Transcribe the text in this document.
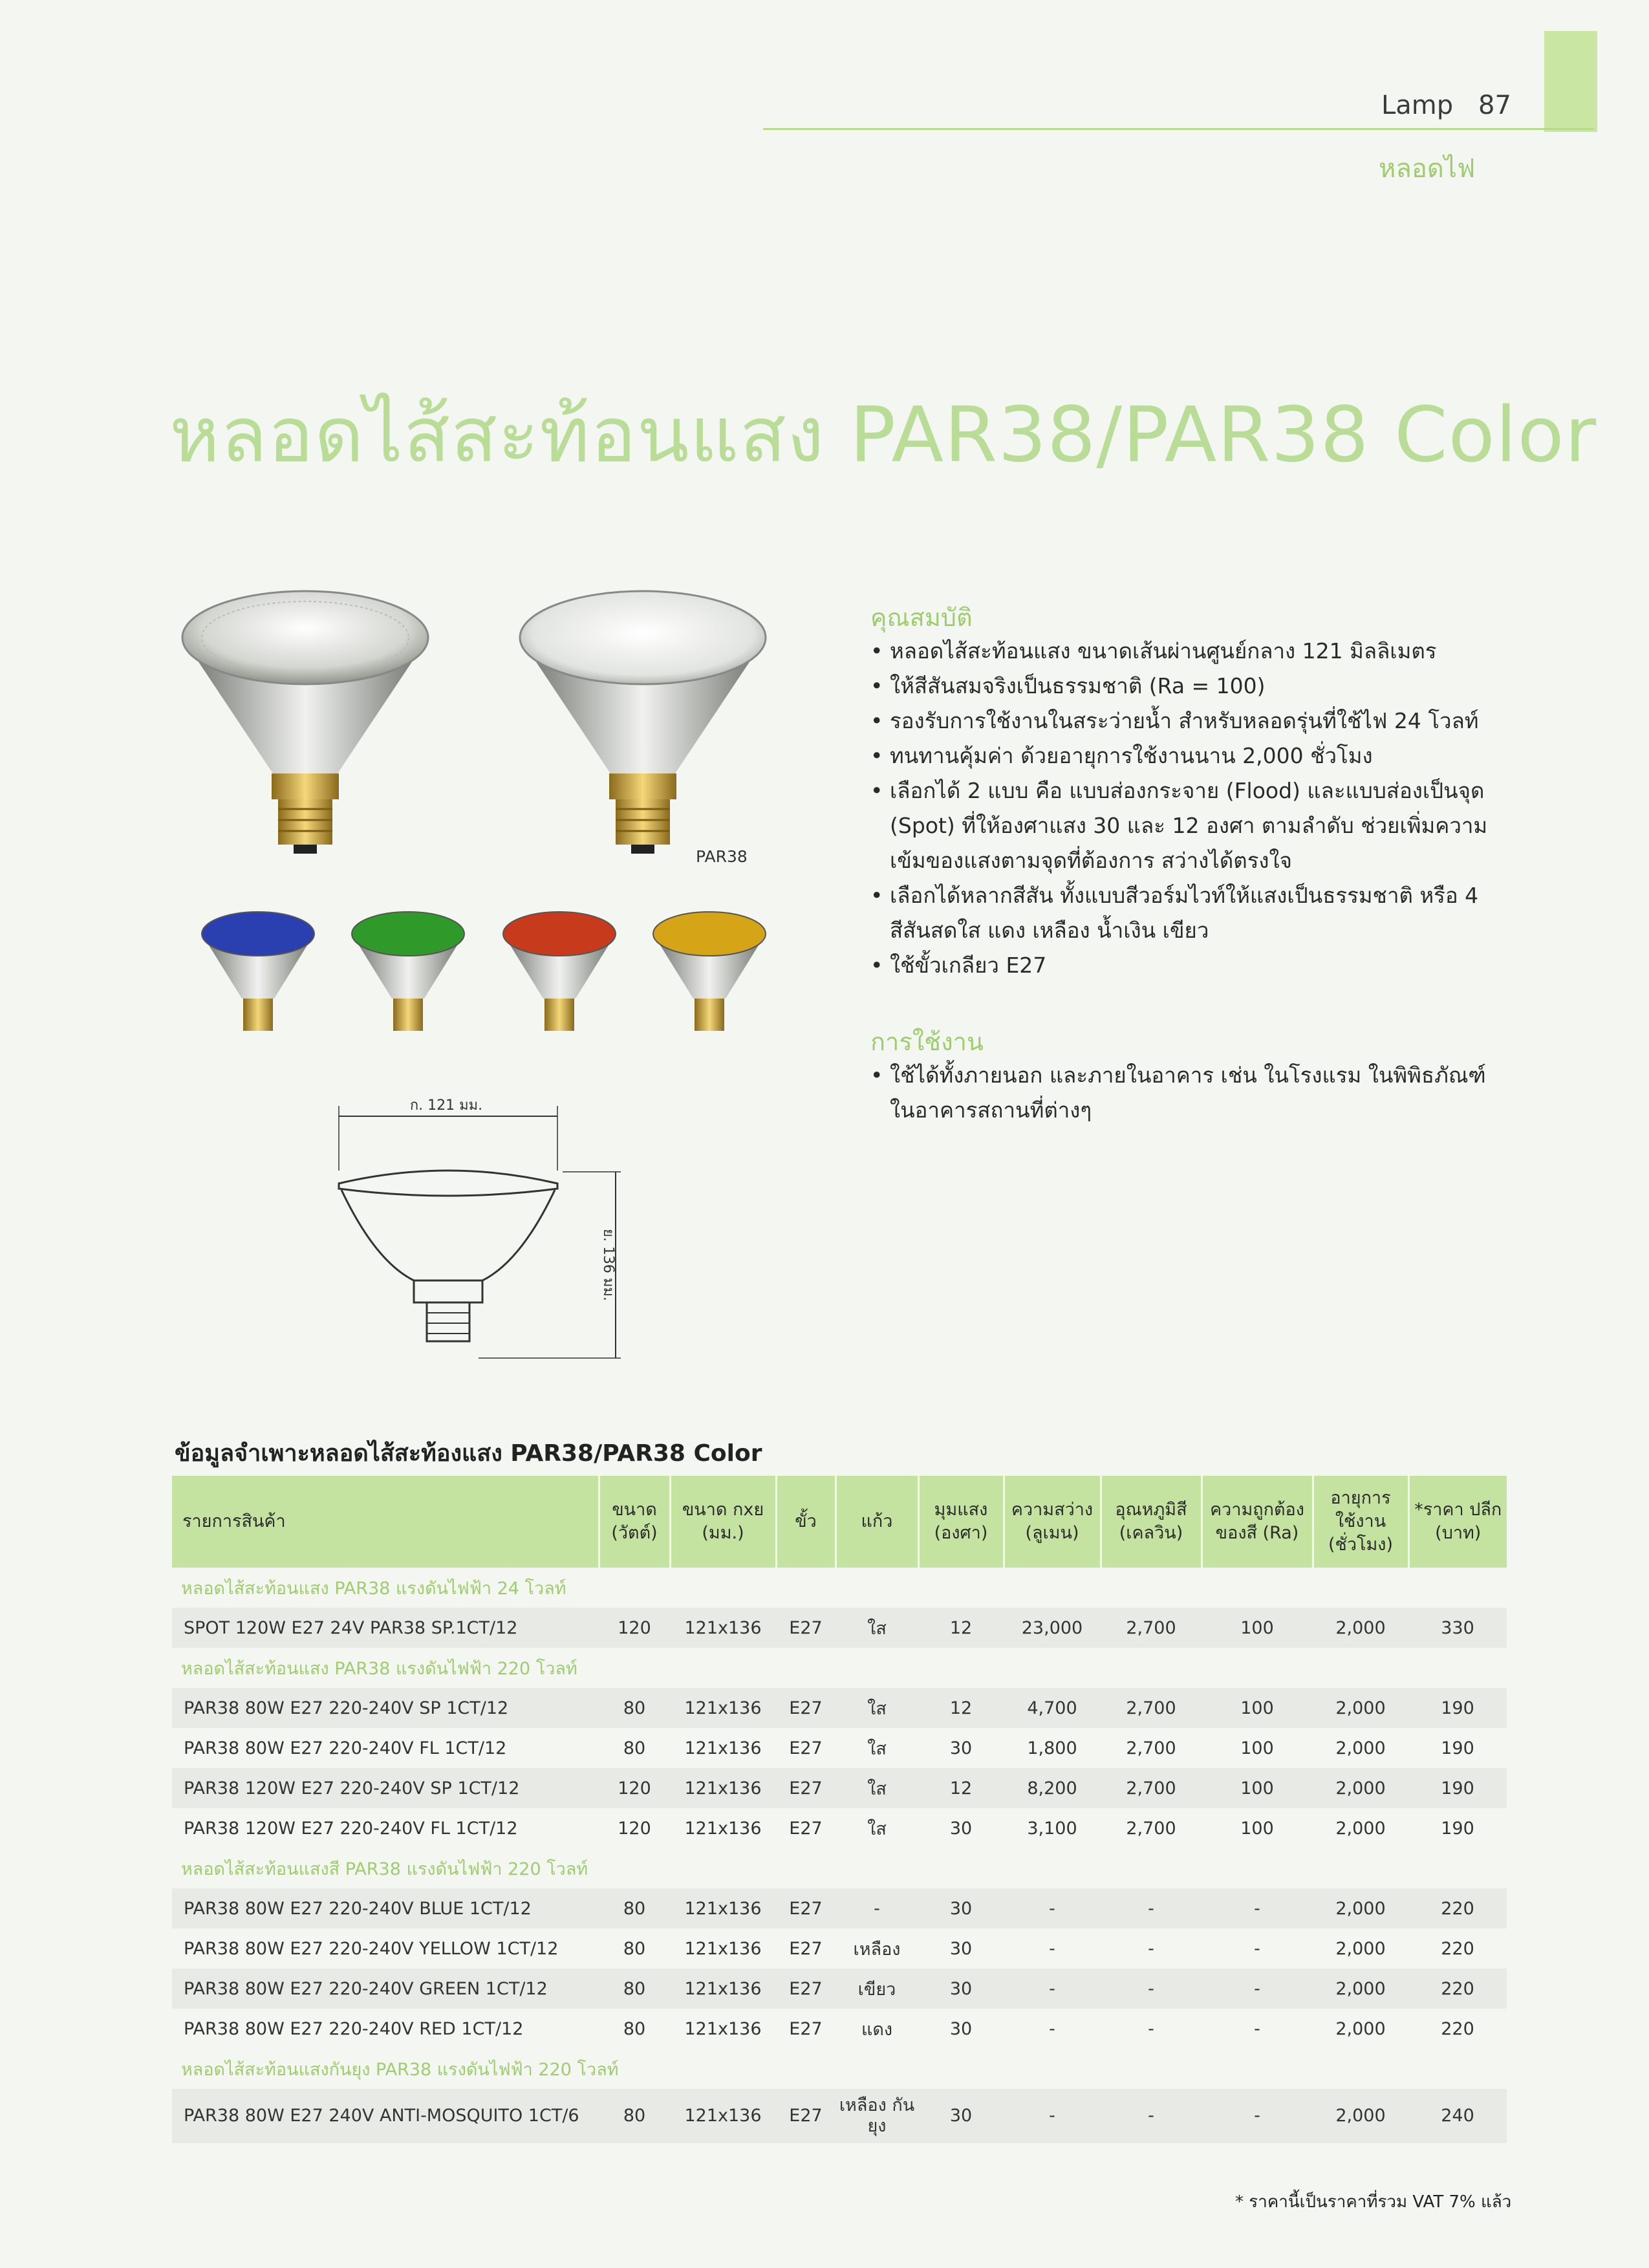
Lamp 87
หลอดไฟ
หลอดไส้สะท้อนแสง PAR38/PAR38 Color
PAR38
คุณสมบัติ
• หลอดไส้สะท้อนแสง ขนาดเส้นผ่านศูนย์กลาง 121 มิลลิเมตร
• ให้สีสันสมจริงเป็นธรรมชาติ (Ra = 100)
• รองรับการใช้งานในสระว่ายน้ำ สำหรับหลอดรุ่นที่ใช้ไฟ 24 โวลท์
• ทนทานคุ้มค่า ด้วยอายุการใช้งานนาน 2,000 ชั่วโมง
• เลือกได้ 2 แบบ คือ แบบส่องกระจาย (Flood) และแบบส่องเป็นจุด (Spot) ที่ให้องศาแสง 30 และ 12 องศา ตามลำดับ ช่วยเพิ่มความเข้มของแสงตามจุดที่ต้องการ สว่างได้ตรงใจ
• เลือกได้หลากสีสัน ทั้งแบบสีวอร์มไวท์ให้แสงเป็นธรรมชาติ หรือ 4 สีสันสดใส แดง เหลือง น้ำเงิน เขียว
• ใช้ขั้วเกลียว E27
การใช้งาน
• ใช้ได้ทั้งภายนอก และภายในอาคาร เช่น ในโรงแรม ในพิพิธภัณฑ์ ในอาคารสถานที่ต่างๆ
ก. 121 มม.
ย. 136 มม.
ข้อมูลจำเพาะหลอดไส้สะท้องแสง PAR38/PAR38 Color
รายการสินค้า	ขนาด (วัตต์)	ขนาด กxย (มม.)	ขั้ว	แก้ว	มุมแสง (องศา)	ความสว่าง (ลูเมน)	อุณหภูมิสี (เคลวิน)	ความถูกต้อง ของสี (Ra)	อายุการ ใช้งาน (ชั่วโมง)	*ราคา ปลีก (บาท)
หลอดไส้สะท้อนแสง PAR38 แรงดันไฟฟ้า 24 โวลท์										
SPOT 120W E27 24V PAR38 SP.1CT/12	120	121x136	E27	ใส	12	23,000	2,700	100	2,000	330
หลอดไส้สะท้อนแสง PAR38 แรงดันไฟฟ้า 220 โวลท์										
PAR38 80W E27 220-240V SP 1CT/12	80	121x136	E27	ใส	12	4,700	2,700	100	2,000	190
PAR38 80W E27 220-240V FL 1CT/12	80	121x136	E27	ใส	30	1,800	2,700	100	2,000	190
PAR38 120W E27 220-240V SP 1CT/12	120	121x136	E27	ใส	12	8,200	2,700	100	2,000	190
PAR38 120W E27 220-240V FL 1CT/12	120	121x136	E27	ใส	30	3,100	2,700	100	2,000	190
หลอดไส้สะท้อนแสงสี PAR38 แรงดันไฟฟ้า 220 โวลท์										
PAR38 80W E27 220-240V BLUE 1CT/12	80	121x136	E27	-	30	-	-	-	2,000	220
PAR38 80W E27 220-240V YELLOW 1CT/12	80	121x136	E27	เหลือง	30	-	-	-	2,000	220
PAR38 80W E27 220-240V GREEN 1CT/12	80	121x136	E27	เขียว	30	-	-	-	2,000	220
PAR38 80W E27 220-240V RED 1CT/12	80	121x136	E27	แดง	30	-	-	-	2,000	220
หลอดไส้สะท้อนแสงกันยุง PAR38 แรงดันไฟฟ้า 220 โวลท์										
PAR38 80W E27 240V ANTI-MOSQUITO 1CT/6	80	121x136	E27	เหลือง กันยุง	30	-	-	-	2,000	240
* ราคานี้เป็นราคาที่รวม VAT 7% แล้ว
